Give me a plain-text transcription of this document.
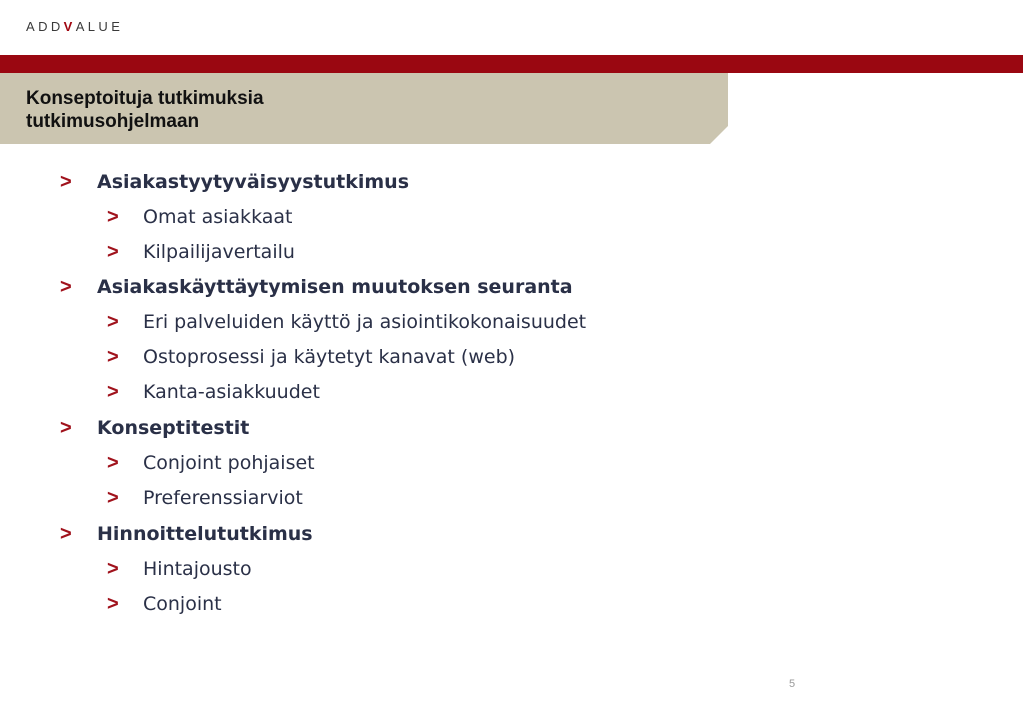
ADDVALUE
Konseptoituja tutkimuksia
tutkimusohjelmaan
> Asiakastyytyväisyystutkimus
> Omat asiakkaat
> Kilpailijavertailu
> Asiakaskäyttäytymisen muutoksen seuranta
> Eri palveluiden käyttö ja asiointikokonaisuudet
> Ostoprosessi ja käytetyt kanavat (web)
> Kanta-asiakkuudet
> Konseptitestit
> Conjoint pohjaiset
> Preferenssiarviot
> Hinnoittelututkimus
> Hintajousto
> Conjoint
5
